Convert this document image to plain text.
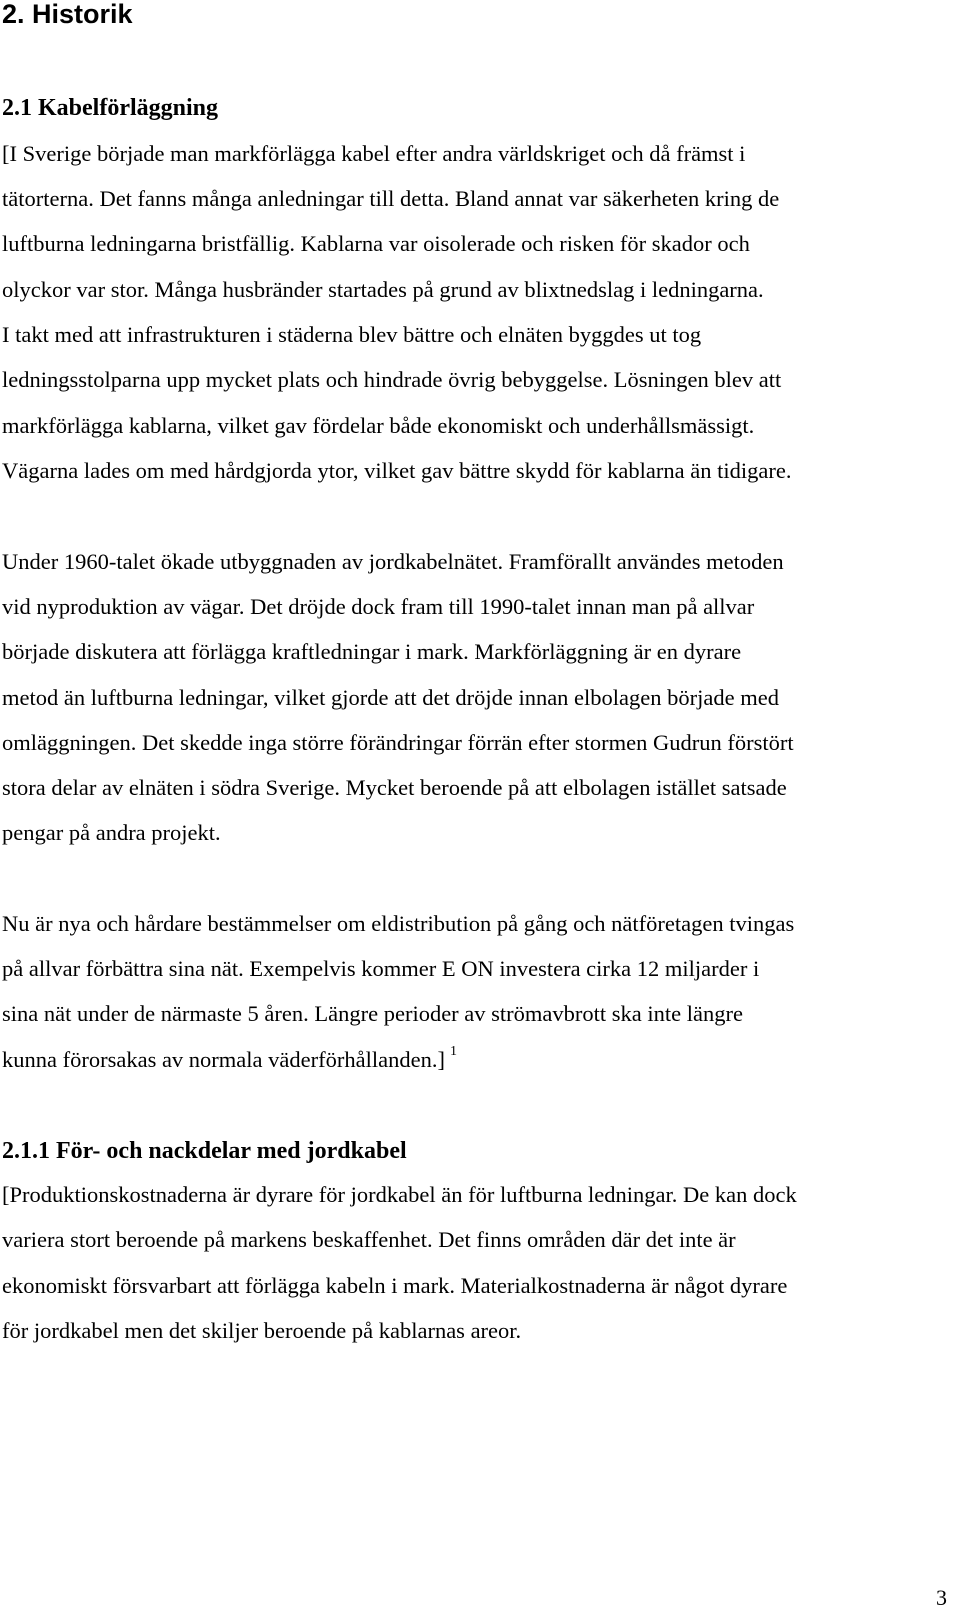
2. Historik
2.1 Kabelförläggning

[I Sverige började man markförlägga kabel efter andra världskriget och då främst i

tätorterna. Det fanns många anledningar till detta. Bland annat var säkerheten kring de

luftburna ledningarna bristfällig. Kablarna var oisolerade och risken för skador och

olyckor var stor. Många husbränder startades på grund av blixtnedslag i ledningarna.

I takt med att infrastrukturen i städerna blev bättre och elnäten byggdes ut tog

ledningsstolparna upp mycket plats och hindrade övrig bebyggelse. Lösningen blev att

markförlägga kablarna, vilket gav fördelar både ekonomiskt och underhållsmässigt.

Vägarna lades om med hårdgjorda ytor, vilket gav bättre skydd för kablarna än tidigare.

Under 1960-talet ökade utbyggnaden av jordkabelnätet. Framförallt användes metoden

vid nyproduktion av vägar. Det dröjde dock fram till 1990-talet innan man på allvar

började diskutera att förlägga kraftledningar i mark. Markförläggning är en dyrare

metod än luftburna ledningar, vilket gjorde att det dröjde innan elbolagen började med

omläggningen. Det skedde inga större förändringar förrän efter stormen Gudrun förstört

stora delar av elnäten i södra Sverige. Mycket beroende på att elbolagen istället satsade

pengar på andra projekt.

Nu är nya och hårdare bestämmelser om eldistribution på gång och nätföretagen tvingas

på allvar förbättra sina nät. Exempelvis kommer E ON investera cirka 12 miljarder i

sina nät under de närmaste 5 åren. Längre perioder av strömavbrott ska inte längre

kunna förorsakas av normala väderförhållanden.] $^1$

2.1.1 För- och nackdelar med jordkabel

[Produktionskostnaderna är dyrare för jordkabel än för luftburna ledningar. De kan dock

variera stort beroende på markens beskaffenhet. Det finns områden där det inte är

ekonomiskt försvarbart att förlägga kabeln i mark. Materialkostnaderna är något dyrare

för jordkabel men det skiljer beroende på kablarnas areor.

3
